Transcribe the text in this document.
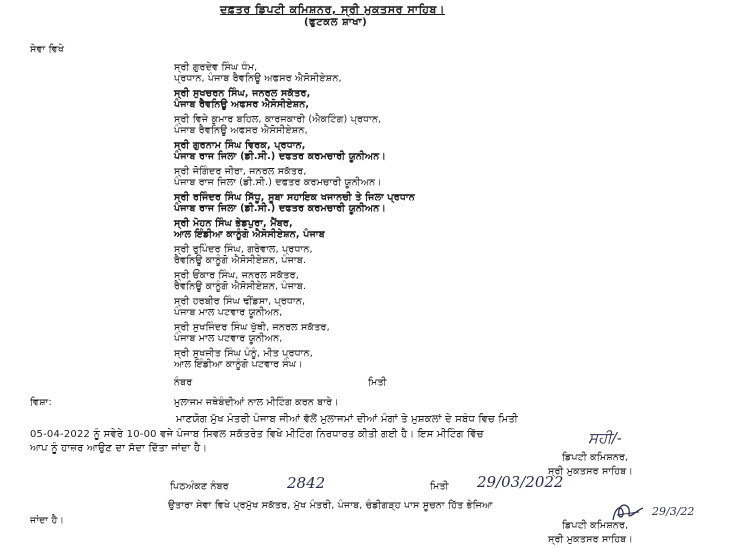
ਦਫ਼ਤਰ ਡਿਪਟੀ ਕਮਿਸ਼ਨਰ, ਸ੍ਰੀ ਮੁਕਤਸਰ ਸਾਹਿਬ।
(ਫੁਟਕਲ ਸ਼ਾਖਾ)
ਸੇਵਾ ਵਿਖੇ
ਸ੍ਰੀ ਗੁਰਦੇਵ ਸਿੰਘ ਧੰਮ,
ਪ੍ਰਧਾਨ, ਪੰਜਾਬ ਰੈਵਨਿਊ ਅਫਸਰ ਐਸੋਸੀਏਸ਼ਨ,
ਸ੍ਰੀ ਸੁਖਚਰਨ ਸਿੰਘ, ਜਨਰਲ ਸਕੱਤਰ,
ਪੰਜਾਬ ਰੈਵਨਿਊ ਅਫਸਰ ਐਸੋਸੀਏਸ਼ਨ,
ਸ੍ਰੀ ਵਿਜੇ ਕੁਮਾਰ ਬਹਿਲ, ਕਾਰਜਕਾਰੀ (ਐਕਟਿੰਗ) ਪ੍ਰਧਾਨ,
ਪੰਜਾਬ ਰੈਵਨਿਊ ਅਫਸਰ ਐਸੋਸੀਏਸ਼ਨ,
ਸ੍ਰੀ ਗੁਰਨਾਮ ਸਿੰਘ ਵਿਰਕ, ਪ੍ਰਧਾਨ,
ਪੰਜਾਬ ਰਾਜ ਜਿਲਾ (ਡੀ.ਸੀ.) ਦਫਤਰ ਕਰਮਚਾਰੀ ਯੂਨੀਅਨ।
ਸ੍ਰੀ ਜੋਗਿੰਦਰ ਜੀਰਾ, ਜਨਰਲ ਸਕੱਤਰ,
ਪੰਜਾਬ ਰਾਜ ਜਿਲਾ (ਡੀ.ਸੀ.) ਦਫਤਰ ਕਰਮਚਾਰੀ ਯੂਨੀਅਨ।
ਸ੍ਰੀ ਰਜਿੰਦਰ ਸਿੰਘ ਸਿੱਧੂ, ਸੂਬਾ ਸਹਾਇਕ ਖਜਾਨਚੀ ਤੇ ਜਿਲਾ ਪ੍ਰਧਾਨ
ਪੰਜਾਬ ਰਾਜ ਜਿਲਾ (ਡੀ.ਸੀ.) ਦਫਤਰ ਕਰਮਚਾਰੀ ਯੂਨੀਅਨ।
ਸ੍ਰੀ ਮੋਹਨ ਸਿੰਘ ਭੇਡਪੁਰਾ, ਮੈਂਬਰ,
ਆਲ ਇੰਡੀਆ ਕਾਨੂੰਗੋ ਐਸੋਸੀਏਸ਼ਨ, ਪੰਜਾਬ
ਸ੍ਰੀ ਰੁਪਿੰਦਰ ਸਿੰਘ, ਗਰੇਵਾਲ, ਪ੍ਰਧਾਨ,
ਰੈਵਨਿਊ ਕਾਨੂੰਗੋ ਐਸੋਸੀਏਸ਼ਨ, ਪੰਜਾਬ.
ਸ੍ਰੀ ਓਂਕਾਰ ਸਿੰਘ, ਜਨਰਲ ਸਕੱਤਰ,
ਰੈਵਨਿਊ ਕਾਨੂੰਗੋ ਐਸੋਸੀਏਸ਼ਨ, ਪੰਜਾਬ.
ਸ੍ਰੀ ਹਰਬੀਰ ਸਿੰਘ ਢੀਂਡਸਾ, ਪ੍ਰਧਾਨ,
ਪੰਜਾਬ ਮਾਲ ਪਟਵਾਰ ਯੂਨੀਅਨ,
ਸ੍ਰੀ ਸੁਖਜਿੰਦਰ ਸਿੰਘ ਖੁੱਥੀ, ਜਨਰਲ ਸਕੱਤਰ,
ਪੰਜਾਬ ਮਾਲ ਪਟਵਾਰ ਯੂਨੀਅਨ,
ਸ੍ਰੀ ਸੁਖਜੀਤ ਸਿੰਘ ਪੰਨੂੰ, ਮੀਤ ਪ੍ਰਧਾਨ,
ਆਲ ਇੰਡੀਆ ਕਾਨੂੰਗੋ ਪਟਵਾਰ ਸੰਘ।
ਨੰਬਰ	ਮਿਤੀ
ਵਿਸ਼ਾ:	ਮੁਲਾਜਮ ਜਥੇਬੰਦੀਆਂ ਨਾਲ ਮੀਟਿੰਗ ਕਰਨ ਬਾਰੇ।
ਮਾਣਯੋਗ ਮੁੱਖ ਮੰਤਰੀ ਪੰਜਾਬ ਜੀਆਂ ਵੱਲੋਂ ਮੁਲਾਜਮਾਂ ਦੀਆਂ ਮੰਗਾਂ ਤੇ ਮੁਸ਼ਕਲਾਂ ਦੇ ਸਬੰਧ ਵਿਚ ਮਿਤੀ
05-04-2022 ਨੂੰ ਸਵੇਰੇ 10-00 ਵਜੇ ਪੰਜਾਬ ਸਿਵਲ ਸਕੱਤਰੇਤ ਵਿਖੇ ਮੀਟਿੰਗ ਨਿਰਧਾਰਤ ਕੀਤੀ ਗਈ ਹੈ। ਇਸ ਮੀਟਿੰਗ ਵਿੱਚ
ਆਪ ਨੂੰ ਹਾਜ਼ਰ ਆਉਣ ਦਾ ਸੱਦਾ ਦਿੱਤਾ ਜਾਂਦਾ ਹੈ।
ਸਹੀ/-
ਡਿਪਟੀ ਕਮਿਸ਼ਨਰ,
ਸ੍ਰੀ ਮੁਕਤਸਰ ਸਾਹਿਬ।
ਪਿਠਅੰਕਣ ਨੰਬਰ	2842	ਮਿਤੀ 29/03/2022
ਉਤਾਰਾ ਸੇਵਾ ਵਿਖੇ ਪ੍ਰਮੁੱਖ ਸਕੱਤਰ, ਮੁੱਖ ਮੰਤਰੀ, ਪੰਜਾਬ, ਚੰਡੀਗੜ੍ਹ ਪਾਸ ਸੂਚਨਾ ਹਿੱਤ ਭੇਜਿਆ
ਜਾਂਦਾ ਹੈ।
29/3/22
ਡਿਪਟੀ ਕਮਿਸ਼ਨਰ,
ਸ੍ਰੀ ਮੁਕਤਸਰ ਸਾਹਿਬ।
